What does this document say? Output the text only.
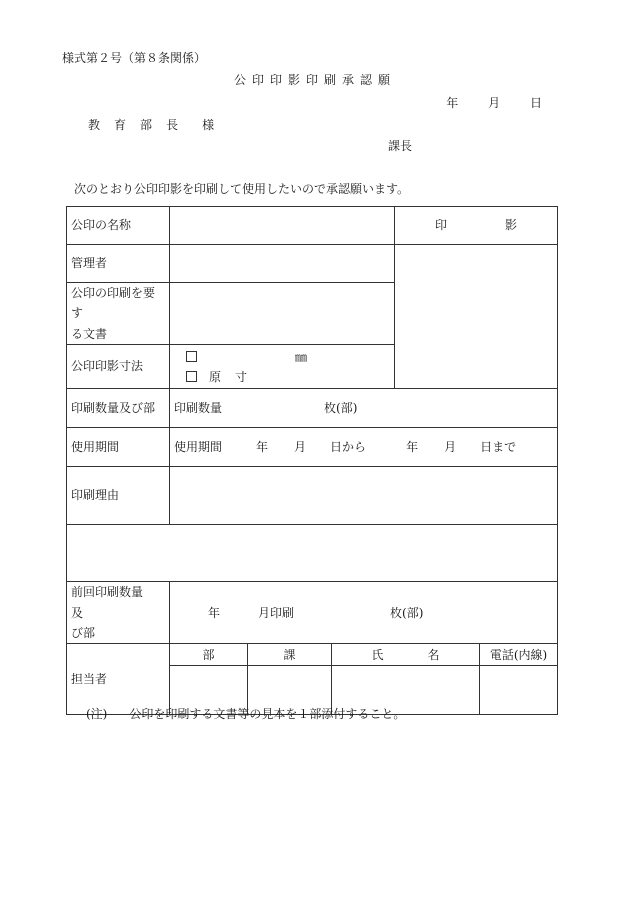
様式第２号（第８条関係）
公印印影印刷承認願
年 月 日
教 育 部 長 様
課長
次のとおり公印印影を印刷して使用したいので承認願います。
公印の名称				印 影	
管理者					

公印の印刷を要す
る文書					

公印印影寸法	㎜
原 寸				

印刷数量及び部	印刷数量 枚(部)				
使用期間	使用期間 年 月 日から 年 月 日まで				
印刷理由					

前回印刷数量　及
び部	年 月印刷 枚(部)				
担当者	部	課	氏 名		電話(内線)

(注) 公印を印刷する文書等の見本を１部添付すること。
